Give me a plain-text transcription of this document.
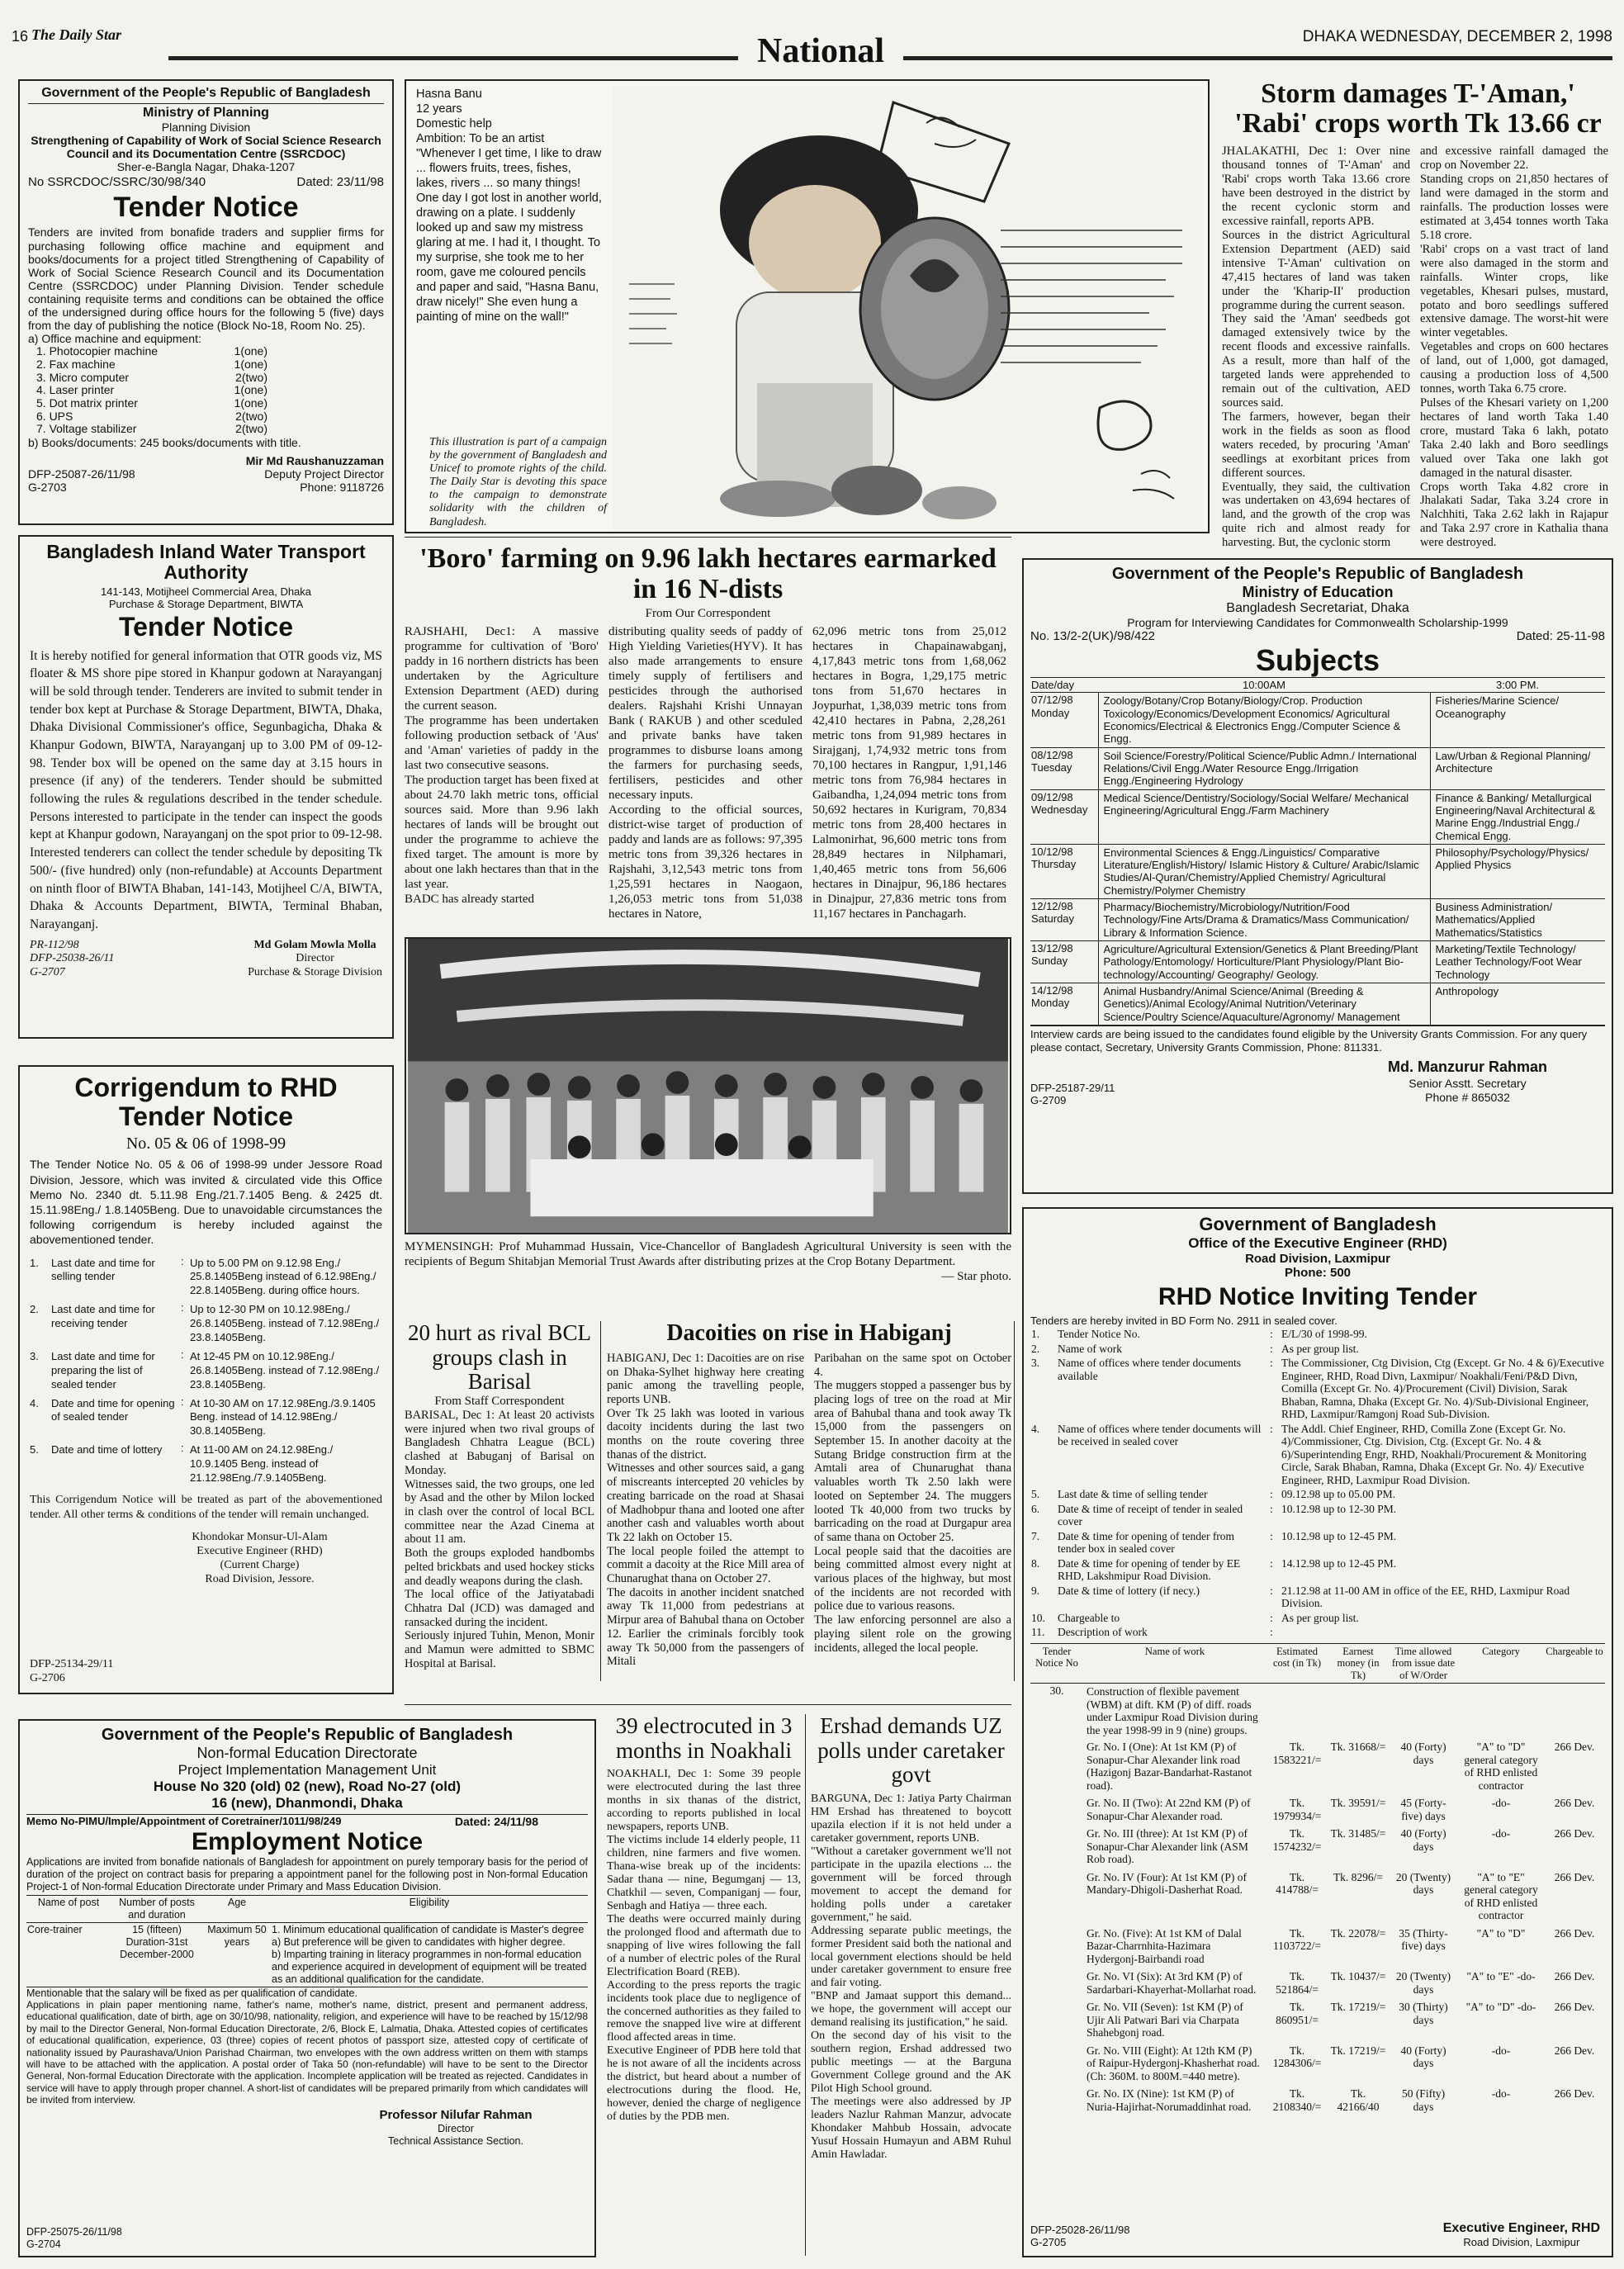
16 The Daily Star	National	DHAKA WEDNESDAY, DECEMBER 2, 1998

Government of the People's Republic of Bangladesh

Ministry of Planning

Planning Division

Strengthening of Capability of Work of Social Science Research Council and its Documentation Centre (SSRCDOC)

Sher-e-Bangla Nagar, Dhaka-1207

No SSRCDOC/SSRC/30/98/340	Dated: 23/11/98

Tender Notice

Tenders are invited from bonafide traders and supplier firms for purchasing following office machine and equipment and books/documents for a project titled Strengthening of Capability of Work of Social Science Research Council and its Documentation Centre (SSRCDOC) under Planning Division. Tender schedule containing requisite terms and conditions can be obtained the office of the undersigned during office hours for the following 5 (five) days from the day of publishing the notice (Block No-18, Room No. 25).

a) Office machine and equipment:

1. Photocopier machine	1(one)
2. Fax machine	1(one)
3. Micro computer	2(two)
4. Laser printer	1(one)
5. Dot matrix printer	1(one)
6. UPS	2(two)
7. Voltage stabilizer	2(two)

b) Books/documents: 245 books/documents with title.

Mir Md Raushanuzzaman

DFP-25087-26/11/98	Deputy Project Director
G-2703	Phone: 9118726
Hasna Banu
12 years
Domestic help
Ambition: To be an artist
"Whenever I get time, I like to draw ... flowers fruits, trees, fishes, lakes, rivers ... so many things! One day I got lost in another world, drawing on a plate. I suddenly looked up and saw my mistress glaring at me. I had it, I thought. To my surprise, she took me to her room, gave me coloured pencils and paper and said, "Hasna Banu, draw nicely!" She even hung a painting of mine on the wall!"
This illustration is part of a campaign by the government of Bangladesh and Unicef to promote rights of the child. The Daily Star is devoting this space to the campaign to demonstrate solidarity with the children of Bangladesh.

Storm damages T-'Aman,' 'Rabi' crops worth Tk 13.66 cr

JHALAKATHI, Dec 1: Over nine thousand tonnes of T-'Aman' and 'Rabi' crops worth Taka 13.66 crore have been destroyed in the district by the recent cyclonic storm and excessive rainfall, reports APB.
Sources in the district Agricultural Extension Department (AED) said intensive T-'Aman' cultivation on 47,415 hectares of land was taken under the 'Kharip-II' production programme during the current season.
They said the 'Aman' seedbeds got damaged extensively twice by the recent floods and excessive rainfalls. As a result, more than half of the targeted lands were apprehended to remain out of the cultivation, AED sources said.
The farmers, however, began their work in the fields as soon as flood waters receded, by procuring 'Aman' seedlings at exorbitant prices from different sources.
Eventually, they said, the cultivation was undertaken on 43,694 hectares of land, and the growth of the crop was quite rich and almost ready for harvesting. But, the cyclonic storm

and excessive rainfall damaged the crop on November 22.
Standing crops on 21,850 hectares of land were damaged in the storm and rainfalls. The production losses were estimated at 3,454 tonnes worth Taka 5.18 crore.
'Rabi' crops on a vast tract of land were also damaged in the storm and rainfalls. Winter crops, like vegetables, Khesari pulses, mustard, potato and boro seedlings suffered extensive damage. The worst-hit were winter vegetables.
Vegetables and crops on 600 hectares of land, out of 1,000, got damaged, causing a production loss of 4,500 tonnes, worth Taka 6.75 crore.
Pulses of the Khesari variety on 1,200 hectares of land worth Taka 1.40 crore, mustard Taka 6 lakh, potato Taka 2.40 lakh and Boro seedlings valued over Taka one lakh got damaged in the natural disaster.
Crops worth Taka 4.82 crore in Jhalakati Sadar, Taka 3.24 crore in Nalchhiti, Taka 2.62 lakh in Rajapur and Taka 2.97 crore in Kathalia thana were destroyed.

Bangladesh Inland Water Transport Authority

141-143, Motijheel Commercial Area, Dhaka

Purchase & Storage Department, BIWTA

Tender Notice

It is hereby notified for general information that OTR goods viz, MS floater & MS shore pipe stored in Khanpur godown at Narayanganj will be sold through tender. Tenderers are invited to submit tender in tender box kept at Purchase & Storage Department, BIWTA, Dhaka, Dhaka Divisional Commissioner's office, Segunbagicha, Dhaka & Khanpur Godown, BIWTA, Narayanganj up to 3.00 PM of 09-12-98. Tender box will be opened on the same day at 3.15 hours in presence (if any) of the tenderers. Tender should be submitted following the rules & regulations described in the tender schedule. Persons interested to participate in the tender can inspect the goods kept at Khanpur godown, Narayanganj on the spot prior to 09-12-98. Interested tenderers can collect the tender schedule by depositing Tk 500/- (five hundred) only (non-refundable) at Accounts Department on ninth floor of BIWTA Bhaban, 141-143, Motijheel C/A, BIWTA, Dhaka & Accounts Department, BIWTA, Terminal Bhaban, Narayanganj.

PR-112/98

DFP-25038-26/11

G-2707

Md Golam Mowla Molla

Director

Purchase & Storage Division

'Boro' farming on 9.96 lakh hectares earmarked in 16 N-dists

From Our Correspondent

RAJSHAHI, Dec1: A massive programme for cultivation of 'Boro' paddy in 16 northern districts has been undertaken by the Agriculture Extension Department (AED) during the current season.
The programme has been undertaken following production setback of 'Aus' and 'Aman' varieties of paddy in the last two consecutive seasons.
The production target has been fixed at about 24.70 lakh metric tons, official sources said. More than 9.96 lakh hectares of lands will be brought out under the programme to achieve the fixed target. The amount is more by about one lakh hectares than that in the last year.
BADC has already started

distributing quality seeds of paddy of High Yielding Varieties(HYV). It has also made arrangements to ensure timely supply of fertilisers and pesticides through the authorised dealers. Rajshahi Krishi Unnayan Bank ( RAKUB ) and other sceduled and private banks have taken programmes to disburse loans among the farmers for purchasing seeds, fertilisers, pesticides and other necessary inputs.
According to the official sources, district-wise target of production of paddy and lands are as follows: 97,395 metric tons from 39,326 hectares in Rajshahi, 3,12,543 metric tons from 1,25,591 hectares in Naogaon, 1,26,053 metric tons from 51,038 hectares in Natore,

62,096 metric tons from 25,012 hectares in Chapainawabganj, 4,17,843 metric tons from 1,68,062 hectares in Bogra, 1,29,175 metric tons from 51,670 hectares in Joypurhat, 1,38,039 metric tons from 42,410 hectares in Pabna, 2,28,261 metric tons from 91,989 hectares in Sirajganj, 1,74,932 metric tons from 70,100 hectares in Rangpur, 1,91,146 metric tons from 76,984 hectares in Gaibandha, 1,24,094 metric tons from 50,692 hectares in Kurigram, 70,834 metric tons from 28,400 hectares in Lalmonirhat, 96,600 metric tons from 28,849 hectares in Nilphamari, 1,40,465 metric tons from 56,606 hectares in Dinajpur, 96,186 hectares in Dinajpur, 27,836 metric tons from 11,167 hectares in Panchagarh.

Government of the People's Republic of Bangladesh

Ministry of Education

Bangladesh Secretariat, Dhaka

Program for Interviewing Candidates for Commonwealth Scholarship-1999

No. 13/2-2(UK)/98/422	Dated: 25-11-98

Subjects

Date/day	10:00AM	3:00 PM.

07/12/98
Monday	Zoology/Botany/Crop Botany/Biology/Crop. Production Toxicology/Economics/Development Economics/ Agricultural Economics/Electrical & Electronics Engg./Computer Science & Engg.	Fisheries/Marine Science/ Oceanography

08/12/98
Tuesday	Soil Science/Forestry/Political Science/Public Admn./ International Relations/Civil Engg./Water Resource Engg./Irrigation Engg./Engineering Hydrology	Law/Urban & Regional Planning/ Architecture

09/12/98
Wednesday	Medical Science/Dentistry/Sociology/Social Welfare/ Mechanical Engineering/Agricultural Engg./Farm Machinery	Finance & Banking/ Metallurgical Engineering/Naval Architectural & Marine Engg./Industrial Engg./ Chemical Engg.

10/12/98
Thursday	Environmental Sciences & Engg./Linguistics/ Comparative Literature/English/History/ Islamic History & Culture/ Arabic/Islamic Studies/Al-Quran/Chemistry/Applied Chemistry/ Agricultural Chemistry/Polymer Chemistry	Philosophy/Psychology/Physics/ Applied Physics

12/12/98
Saturday	Pharmacy/Biochemistry/Microbiology/Nutrition/Food Technology/Fine Arts/Drama & Dramatics/Mass Communication/ Library & Information Science.	Business Administration/ Mathematics/Applied Mathematics/Statistics

13/12/98
Sunday	Agriculture/Agricultural Extension/Genetics & Plant Breeding/Plant Pathology/Entomology/ Horticulture/Plant Physiology/Plant Bio-technology/Accounting/ Geography/ Geology.	Marketing/Textile Technology/ Leather Technology/Foot Wear Technology

14/12/98
Monday	Animal Husbandry/Animal Science/Animal (Breeding & Genetics)/Animal Ecology/Animal Nutrition/Veterinary Science/Poultry Science/Aquaculture/Agronomy/ Management	Anthropology

Interview cards are being issued to the candidates found eligible by the University Grants Commission. For any query please contact, Secretary, University Grants Commission, Phone: 811331.

DFP-25187-29/11

G-2709

Md. Manzurur Rahman

Senior Asstt. Secretary

Phone # 865032

MYMENSINGH: Prof Muhammad Hussain, Vice-Chancellor of Bangladesh Agricultural University is seen with the recipients of Begum Shitabjan Memorial Trust Awards after distributing prizes at the Crop Botany Department.
— Star photo.

Corrigendum to RHD

Tender Notice

No. 05 & 06 of 1998-99

The Tender Notice No. 05 & 06 of 1998-99 under Jessore Road Division, Jessore, which was invited & circulated vide this Office Memo No. 2340 dt. 5.11.98 Eng./21.7.1405 Beng. & 2425 dt. 15.11.98Eng./ 1.8.1405Beng. Due to unavoidable circumstances the following corrigendum is hereby included against the abovementioned tender.

1.	Last date and time for selling tender	:	Up to 5.00 PM on 9.12.98 Eng./ 25.8.1405Beng instead of 6.12.98Eng./ 22.8.1405Beng. during office hours.
2.	Last date and time for receiving tender	:	Up to 12-30 PM on 10.12.98Eng./ 26.8.1405Beng. instead of 7.12.98Eng./ 23.8.1405Beng.
3.	Last date and time for preparing the list of sealed tender	:	At 12-45 PM on 10.12.98Eng./ 26.8.1405Beng. instead of 7.12.98Eng./ 23.8.1405Beng.
4.	Date and time for opening of sealed tender	:	At 10-30 AM on 17.12.98Eng./3.9.1405 Beng. instead of 14.12.98Eng./ 30.8.1405Beng.
5.	Date and time of lottery	:	At 11-00 AM on 24.12.98Eng./ 10.9.1405 Beng. instead of 21.12.98Eng./7.9.1405Beng.

This Corrigendum Notice will be treated as part of the abovementioned tender. All other terms & conditions of the tender will remain unchanged.

Khondokar Monsur-Ul-Alam

Executive Engineer (RHD)

(Current Charge)

Road Division, Jessore.

DFP-25134-29/11

G-2706

20 hurt as rival BCL groups clash in Barisal

From Staff Correspondent

BARISAL, Dec 1: At least 20 activists were injured when two rival groups of Bangladesh Chhatra League (BCL) clashed at Babuganj of Barisal on Monday.
Witnesses said, the two groups, one led by Asad and the other by Milon locked in clash over the control of local BCL committee near the Azad Cinema at about 11 am.
Both the groups exploded handbombs pelted brickbats and used hockey sticks and deadly weapons during the clash.
The local office of the Jatiyatabadi Chhatra Dal (JCD) was damaged and ransacked during the incident.
Seriously injured Tuhin, Menon, Monir and Mamun were admitted to SBMC Hospital at Barisal.

Dacoities on rise in Habiganj

HABIGANJ, Dec 1: Dacoities are on rise on Dhaka-Sylhet highway here creating panic among the travelling people, reports UNB.
Over Tk 25 lakh was looted in various dacoity incidents during the last two months on the route covering three thanas of the district.
Witnesses and other sources said, a gang of miscreants intercepted 20 vehicles by creating barricade on the road at Shasai of Madhobpur thana and looted one after another cash and valuables worth about Tk 22 lakh on October 15.
The local people foiled the attempt to commit a dacoity at the Rice Mill area of Chunarughat thana on October 27.
The dacoits in another incident snatched away Tk 11,000 from pedestrians at Mirpur area of Bahubal thana on October 12. Earlier the criminals forcibly took away Tk 50,000 from the passengers of Mitali

Paribahan on the same spot on October 4.
The muggers stopped a passenger bus by placing logs of tree on the road at Mir area of Bahubal thana and took away Tk 15,000 from the passengers on September 15. In another dacoity at the Sutang Bridge construction firm at the Amtali area of Chunarughat thana valuables worth Tk 2.50 lakh were looted on September 24. The muggers looted Tk 40,000 from two trucks by barricading on the road at Durgapur area of same thana on October 25.
Local people said that the dacoities are being committed almost every night at various places of the highway, but most of the incidents are not recorded with police due to various reasons.
The law enforcing personnel are also a playing silent role on the growing incidents, alleged the local people.

Government of Bangladesh

Office of the Executive Engineer (RHD)

Road Division, Laxmipur

Phone: 500

RHD Notice Inviting Tender

Tenders are hereby invited in BD Form No. 2911 in sealed cover.

1.	Tender Notice No.	:	E/L/30 of 1998-99.
2.	Name of work	:	As per group list.
3.	Name of offices where tender documents available	:	The Commissioner, Ctg Division, Ctg (Except. Gr No. 4 & 6)/Executive Engineer, RHD, Road Divn, Laxmipur/ Noakhali/Feni/P&D Divn, Comilla (Except Gr. No. 4)/Procurement (Civil) Division, Sarak Bhaban, Ramna, Dhaka (Except Gr. No. 4)/Sub-Divisional Engineer, RHD, Laxmipur/Ramgonj Road Sub-Division.
4.	Name of offices where tender documents will be received in sealed cover	:	The Addl. Chief Engineer, RHD, Comilla Zone (Except Gr. No. 4)/Commissioner, Ctg. Division, Ctg. (Except Gr. No. 4 & 6)/Superintending Engr, RHD, Noakhali/Procurement & Monitoring Circle, Sarak Bhaban, Ramna, Dhaka (Except Gr. No. 4)/ Executive Engineer, RHD, Laxmipur Road Division.
5.	Last date & time of selling tender	:	09.12.98 up to 05.00 PM.
6.	Date & time of receipt of tender in sealed cover	:	10.12.98 up to 12-30 PM.
7.	Date & time for opening of tender from tender box in sealed cover	:	10.12.98 up to 12-45 PM.
8.	Date & time for opening of tender by EE RHD, Lakshmipur Road Division.	:	14.12.98 up to 12-45 PM.
9.	Date & time of lottery (if necy.)	:	21.12.98 at 11-00 AM in office of the EE, RHD, Laxmipur Road Division.
10.	Chargeable to	:	As per group list.
11.	Description of work	:	
Tender Notice No	Name of work	Estimated cost (in Tk)	Earnest money (in Tk)	Time allowed from issue date of W/Order	Category	Chargeable to
30.	Construction of flexible pavement (WBM) at dift. KM (P) of diff. roads under Laxmipur Road Division during the year 1998-99 in 9 (nine) groups.					
	Gr. No. I (One): At 1st KM (P) of Sonapur-Char Alexander link road (Hazigonj Bazar-Bandarhat-Rastanot road).	Tk. 1583221/=	Tk. 31668/=	40 (Forty) days	"A" to "D" general category of RHD enlisted contractor	266 Dev.
	Gr. No. II (Two): At 22nd KM (P) of Sonapur-Char Alexander road.	Tk. 1979934/=	Tk. 39591/=	45 (Forty-five) days	-do-	266 Dev.
	Gr. No. III (three): At 1st KM (P) of Sonapur-Char Alexander link (ASM Rob road).	Tk. 1574232/=	Tk. 31485/=	40 (Forty) days	-do-	266 Dev.
	Gr. No. IV (Four): At 1st KM (P) of Mandary-Dhigoli-Dasherhat Road.	Tk. 414788/=	Tk. 8296/=	20 (Twenty) days	"A" to "E" general category of RHD enlisted contractor	266 Dev.
	Gr. No. (Five): At 1st KM of Dalal Bazar-Charrnhita-Hazimara Hydergonj-Bairbandi road	Tk. 1103722/=	Tk. 22078/=	35 (Thirty-five) days	"A" to "D"	266 Dev.
	Gr. No. VI (Six): At 3rd KM (P) of Sardarbari-Khayerhat-Mollarhat road.	Tk. 521864/=	Tk. 10437/=	20 (Twenty) days	"A" to "E" -do-	266 Dev.
	Gr. No. VII (Seven): 1st KM (P) of Ujir Ali Patwari Bari via Charpata Shahebgonj road.	Tk. 860951/=	Tk. 17219/=	30 (Thirty) days	"A" to "D" -do-	266 Dev.
	Gr. No. VIII (Eight): At 12th KM (P) of Raipur-Hydergonj-Khasherhat road. (Ch: 360M. to 800M.=440 metre).	Tk. 1284306/=	Tk. 17219/=	40 (Forty) days	-do-	266 Dev.
	Gr. No. IX (Nine): 1st KM (P) of Nuria-Hajirhat-Norumaddinhat road.	Tk. 2108340/=	Tk. 42166/40	50 (Fifty) days	-do-	266 Dev.

DFP-25028-26/11/98

G-2705

Executive Engineer, RHD

Road Division, Laxmipur

Government of the People's Republic of Bangladesh

Non-formal Education Directorate

Project Implementation Management Unit

House No 320 (old) 02 (new), Road No-27 (old)

16 (new), Dhanmondi, Dhaka

Memo No-PIMU/Imple/Appointment of Coretrainer/1011/98/249	Dated: 24/11/98

Employment Notice

Applications are invited from bonafide nationals of Bangladesh for appointment on purely temporary basis for the period of duration of the project on contract basis for preparing a appointment panel for the following post in Non-formal Education Project-1 of Non-formal Education Directorate under Primary and Mass Education Division.

Name of post	Number of posts and duration	Age	Eligibility
Core-trainer	15 (fifteen) Duration-31st December-2000	Maximum 50 years	1. Minimum educational qualification of candidate is Master's degree
a) But preference will be given to candidates with higher degree.
b) Imparting training in literacy programmes in non-formal education and experience acquired in development of equipment will be treated as an additional qualification for the candidate.

Mentionable that the salary will be fixed as per qualification of candidate.

Applications in plain paper mentioning name, father's name, mother's name, district, present and permanent address, educational qualification, date of birth, age on 30/10/98, nationality, religion, and experience will have to be reached by 15/12/98 by mail to the Director General, Non-formal Education Directorate, 2/6, Block E, Lalmatia, Dhaka. Attested copies of certificates of educational qualification, experience, 03 (three) copies of recent photos of passport size, attested copy of certificate of nationality issued by Paurashava/Union Parishad Chairman, two envelopes with the own address written on them with stamps will have to be attached with the application. A postal order of Taka 50 (non-refundable) will have to be sent to the Director General, Non-formal Education Directorate with the application. Incomplete application will be treated as rejected. Candidates in service will have to apply through proper channel. A short-list of candidates will be prepared primarily from which candidates will be invited from interview.

Professor Nilufar Rahman

Director

Technical Assistance Section.

DFP-25075-26/11/98

G-2704

39 electrocuted in 3 months in Noakhali

NOAKHALI, Dec 1: Some 39 people were electrocuted during the last three months in six thanas of the district, according to reports published in local newspapers, reports UNB.
The victims include 14 elderly people, 11 children, nine farmers and five women. Thana-wise break up of the incidents: Sadar thana — nine, Begumganj — 13, Chatkhil — seven, Companiganj — four, Senbagh and Hatiya — three each.
The deaths were occurred mainly during the prolonged flood and aftermath due to snapping of live wires following the fall of a number of electric poles of the Rural Electrification Board (REB).
According to the press reports the tragic incidents took place due to negligence of the concerned authorities as they failed to remove the snapped live wire at different flood affected areas in time.
Executive Engineer of PDB here told that he is not aware of all the incidents across the district, but heard about a number of electrocutions during the flood. He, however, denied the charge of negligence of duties by the PDB men.

Ershad demands UZ polls under caretaker govt

BARGUNA, Dec 1: Jatiya Party Chairman HM Ershad has threatened to boycott upazila election if it is not held under a caretaker government, reports UNB.
"Without a caretaker government we'll not participate in the upazila elections ... the government will be forced through movement to accept the demand for holding polls under a caretaker government," he said.
Addressing separate public meetings, the former President said both the national and local government elections should be held under caretaker government to ensure free and fair voting.
"BNP and Jamaat support this demand... we hope, the government will accept our demand realising its justification," he said.
On the second day of his visit to the southern region, Ershad addressed two public meetings — at the Barguna Government College ground and the AK Pilot High School ground.
The meetings were also addressed by JP leaders Nazlur Rahman Manzur, advocate Khondaker Mahbub Hossain, advocate Yusuf Hossain Humayun and ABM Ruhul Amin Hawladar.
